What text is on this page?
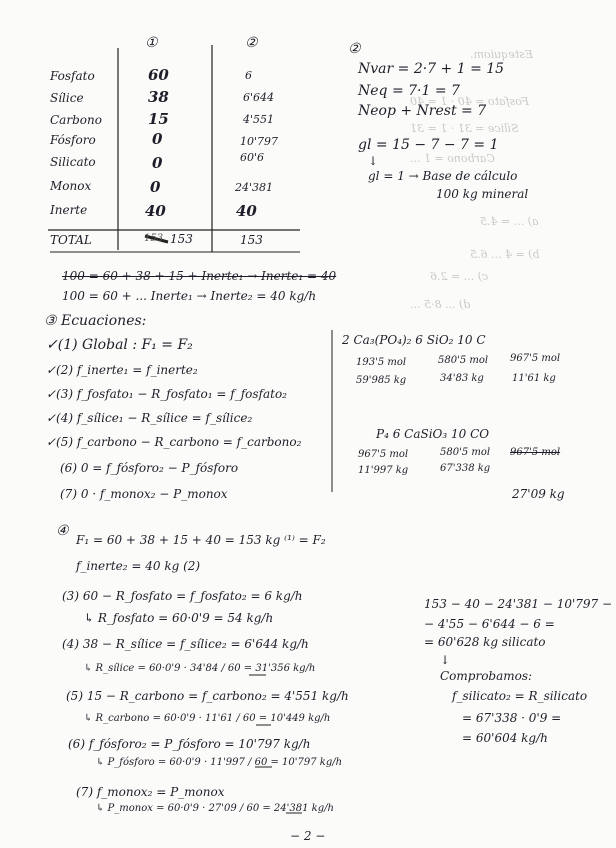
Estequiom.
Fosfato = 40 · 1 = 40
Sílice = 31 · 1 = 31
Carbono = 1 ...
a) ... = 4.5
b) = 4 ... 6.5
c) ... = 2.6
d) ... 8·5 ...
①	②
Fosfato	60	6
Sílice	38	6'644
Carbono	15	4'551
Fósforo	0	10'797
Silicato	0	60'6
Monox	0	24'381
Inerte	40	40
TOTAL	153 153	153
②
Nvar = 2·7 + 1 = 15
Neq = 7·1 = 7
Neop + Nrest = 7
gl = 15 − 7 − 7 = 1
↓
gl = 1 → Base de cálculo
100 kg mineral
100 = 60 + 38 + 15 + Inerte₁ → Inerte₁ = 40
100 = 60 + ... Inerte₁ → Inerte₂ = 40 kg/h
③ Ecuaciones:
✓(1) Global : F₁ = F₂
✓(2) f_inerte₁ = f_inerte₂
✓(3) f_fosfato₁ − R_fosfato₁ = f_fosfato₂
✓(4) f_sílice₁ − R_sílice = f_sílice₂
✓(5) f_carbono − R_carbono = f_carbono₂
(6) 0 = f_fósforo₂ − P_fósforo
(7) 0 · f_monox₂ − P_monox
2 Ca₃(PO₄)₂ 6 SiO₂ 10 C
193'5 mol	580'5 mol 967'5 mol
59'985 kg	34'83 kg	11'61 kg
P₄ 6 CaSiO₃ 10 CO
967'5 mol	580'5 mol 967'5 mol
11'997 kg	67'338 kg
27'09 kg
④
F₁ = 60 + 38 + 15 + 40 = 153 kg ⁽¹⁾ = F₂
f_inerte₂ = 40 kg (2)
(3) 60 − R_fosfato = f_fosfato₂ = 6 kg/h
↳ R_fosfato = 60·0'9 = 54 kg/h
(4) 38 − R_sílice = f_sílice₂ = 6'644 kg/h
↳ R_sílice = 60·0'9 · 34'84 / 60 = 31'356 kg/h
(5) 15 − R_carbono = f_carbono₂ = 4'551 kg/h
↳ R_carbono = 60·0'9 · 11'61 / 60 = 10'449 kg/h
(6) f_fósforo₂ = P_fósforo = 10'797 kg/h
↳ P_fósforo = 60·0'9 · 11'997 / 60 = 10'797 kg/h
(7) f_monox₂ = P_monox
↳ P_monox = 60·0'9 · 27'09 / 60 = 24'381 kg/h
153 − 40 − 24'381 − 10'797 −
− 4'55 − 6'644 − 6 =
= 60'628 kg silicato
↓
Comprobamos:
f_silicato₂ = R_silicato
= 67'338 · 0'9 =
= 60'604 kg/h
− 2 −
